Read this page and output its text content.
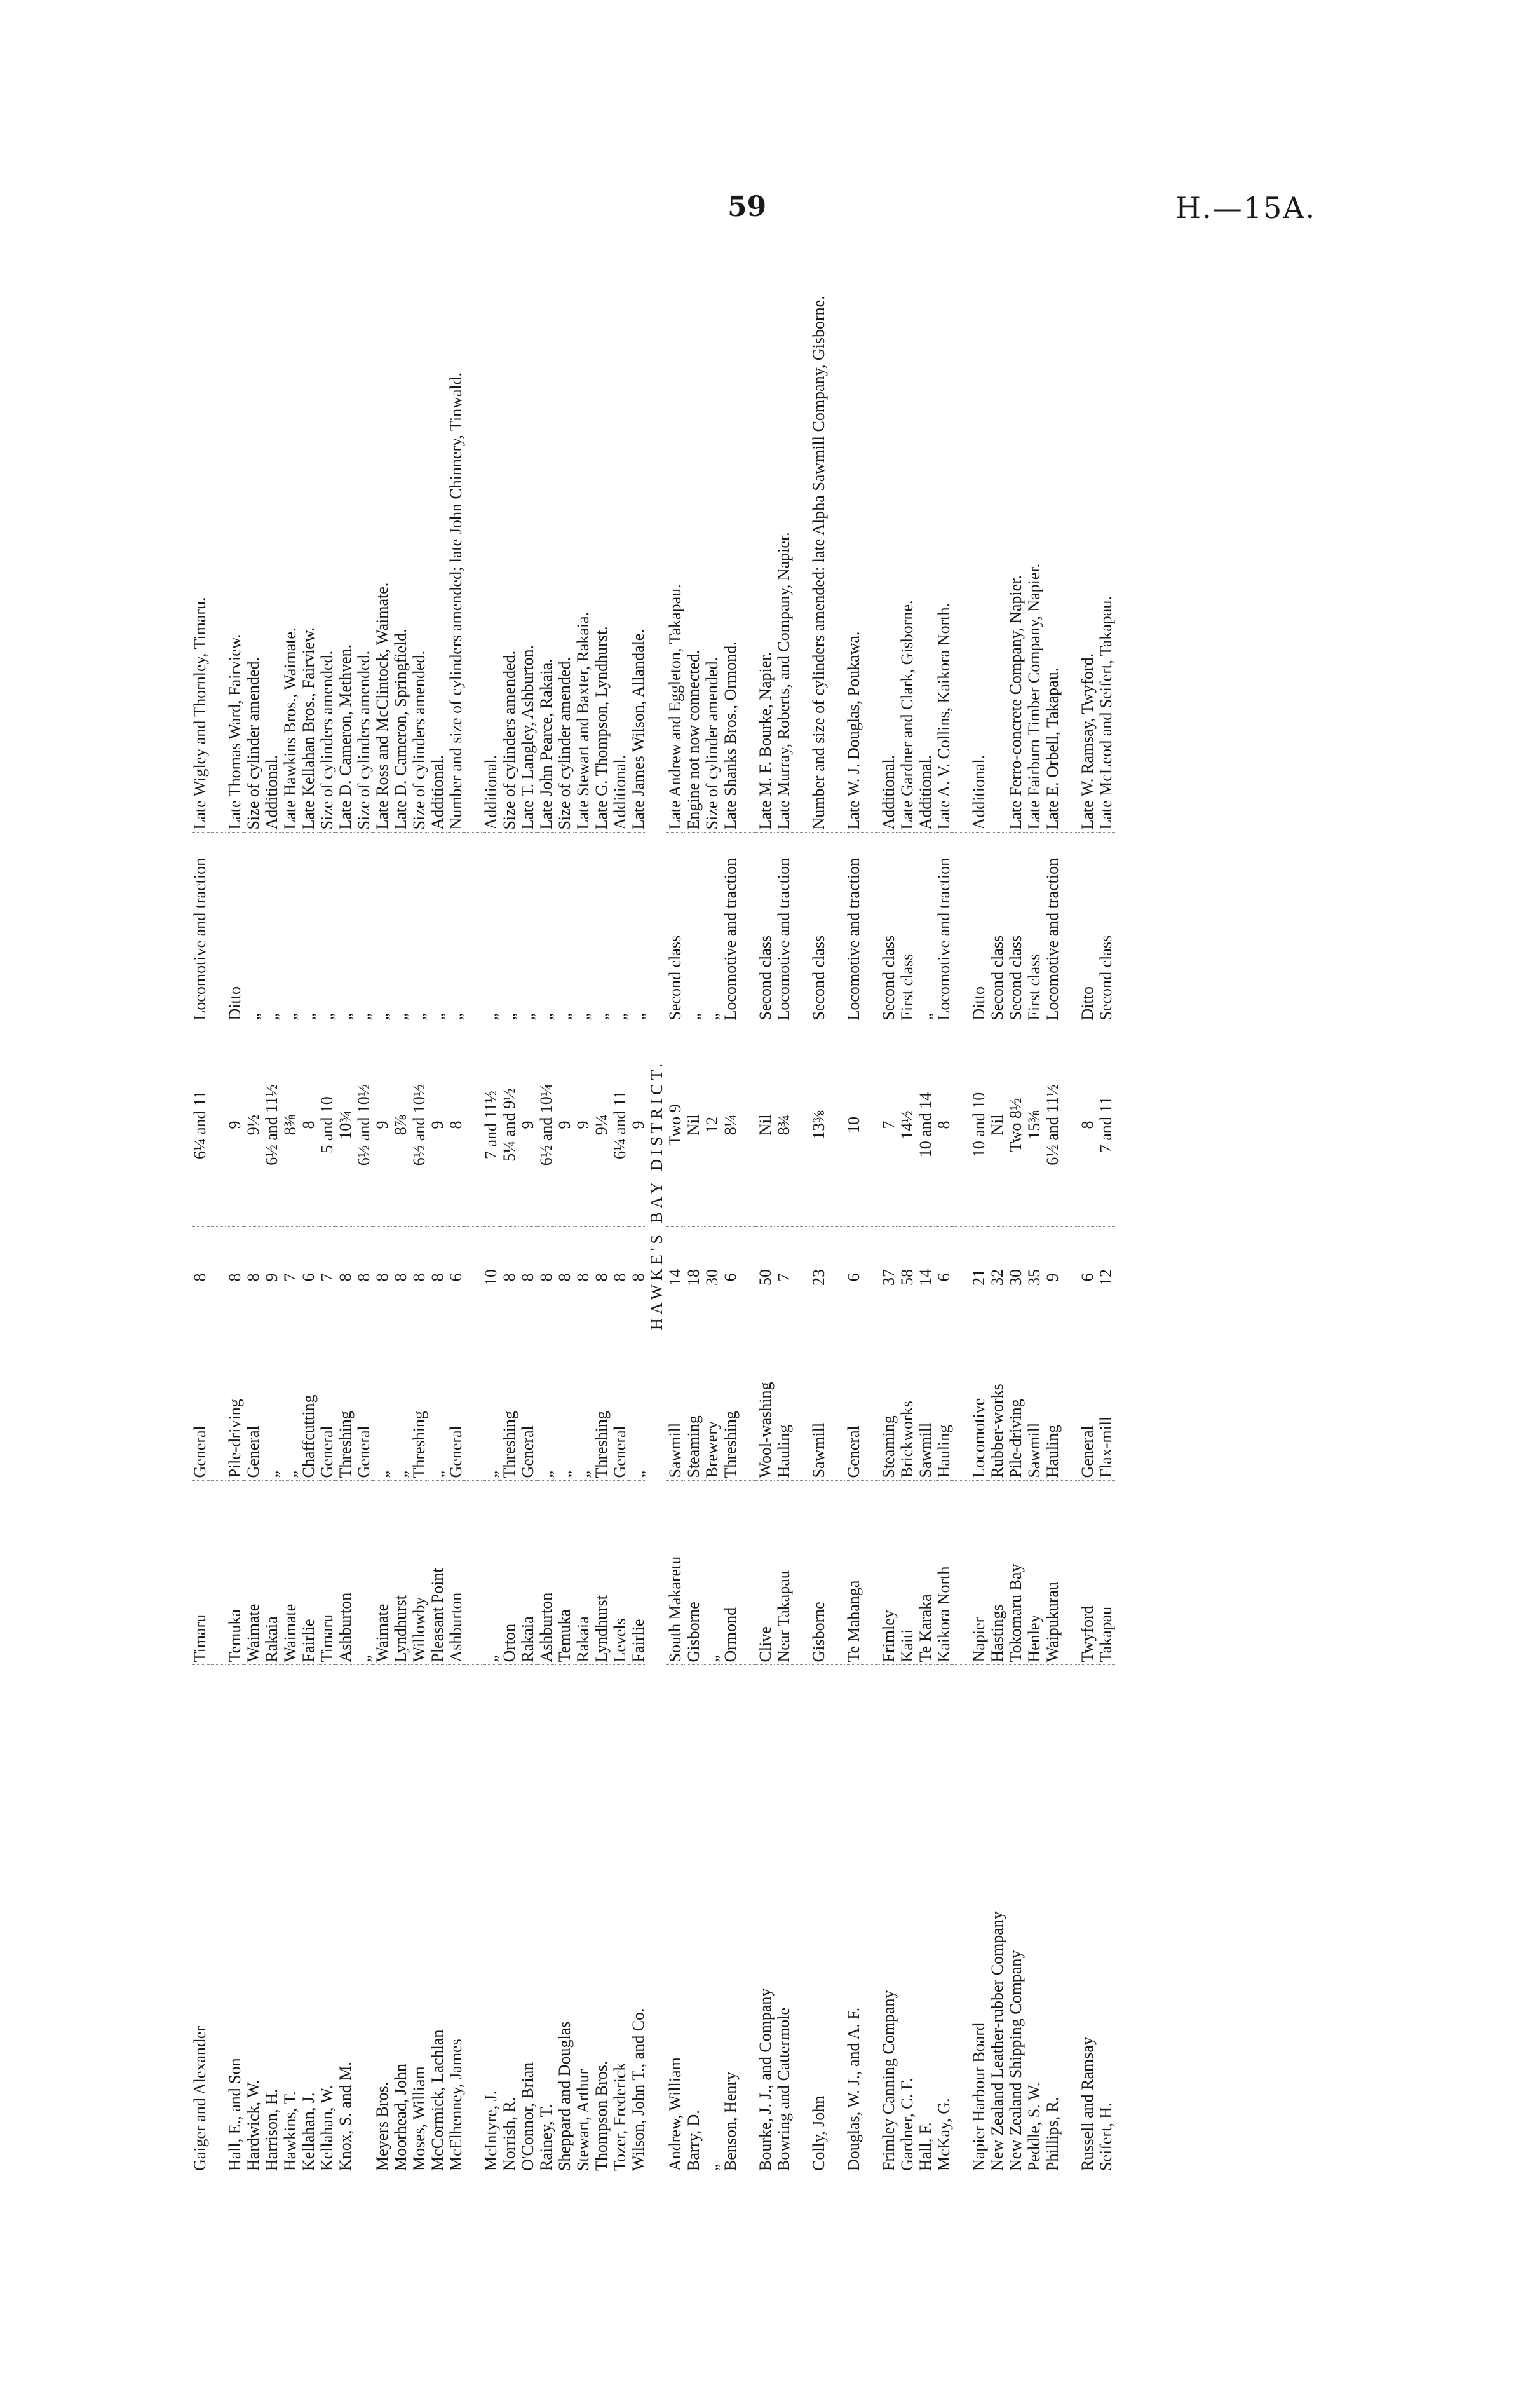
59	H.—15A.
Gaiger and Alexander	Timaru	General	8	6¼ and 11	Locomotive and traction	Late Wigley and Thornley, Timaru.

Hall, E., and Son	Temuka	Pile-driving	8	9	Ditto	Late Thomas Ward, Fairview.
Hardwick, W.	Waimate	General	8	9½	„	Size of cylinder amended.
Harrison, H.	Rakaia	„	9	6½ and 11½	„	Additional.
Hawkins, T.	Waimate	„	7	8⅜	„	Late Hawkins Bros., Waimate.
Kellahan, J.	Fairlie	Chaffcutting	6	8	„	Late Kellahan Bros., Fairview.
Kellahan, W.	Timaru	General	7	5 and 10	„	Size of cylinders amended.
Knox, S. and M.	Ashburton	Threshing	8	10¾	„	Late D. Cameron, Methven.
	„	General	8	6½ and 10½	„	Size of cylinders amended.
Meyers Bros.	Waimate	„	8	9	„	Late Ross and McClintock, Waimate.
Moorhead, John	Lyndhurst	„	8	8⅞	„	Late D. Cameron, Springfield.
Moses, William	Willowby	Threshing	8	6½ and 10½	„	Size of cylinders amended.
McCormick, Lachlan	Pleasant Point	„	8	9	„	Additional.
McElhenney, James	Ashburton	General	6	8	„	Number and size of cylinders amended; late John Chinnery, Tinwald.

McIntyre, J.	„	„	10	7 and 11½	„	Additional.
Norrish, R.	Orton	Threshing	8	5¼ and 9½	„	Size of cylinders amended.
O'Connor, Brian	Rakaia	General	8	9	„	Late T. Langley, Ashburton.
Rainey, T.	Ashburton	„	8	6½ and 10¼	„	Late John Pearce, Rakaia.
Sheppard and Douglas	Temuka	„	8	9	„	Size of cylinder amended.
Stewart, Arthur	Rakaia	„	8	9	„	Late Stewart and Baxter, Rakaia.
Thompson Bros.	Lyndhurst	Threshing	8	9¼	„	Late G. Thompson, Lyndhurst.
Tozer, Frederick	Levels	General	8	6¼ and 11	„	Additional.
Wilson, John T., and Co.	Fairlie	„	8	9	„	Late James Wilson, Allandale.
HAWKE'S BAY DISTRICT.						
Andrew, William	South Makaretu	Sawmill	14	Two 9	Second class	Late Andrew and Eggleton, Takapau.
Barry, D.	Gisborne	Steaming	18	Nil	„	Engine not now connected.
„	„	Brewery	30	12	„	Size of cylinder amended.
Benson, Henry	Ormond	Threshing	6	8¼	Locomotive and traction	Late Shanks Bros., Ormond.

Bourke, J. J., and Company	Clive	Wool-washing	50	Nil	Second class	Late M. F. Bourke, Napier.
Bowring and Cattermole	Near Takapau	Hauling	7	8¾	Locomotive and traction	Late Murray, Roberts, and Company, Napier.

Colly, John	Gisborne	Sawmill	23	13⅜	Second class	Number and size of cylinders amended: late Alpha Sawmill Company, Gisborne.

Douglas, W. J., and A. F.	Te Mahanga	General	6	10	Locomotive and traction	Late W. J. Douglas, Poukawa.

Frimley Canning Company	Frimley	Steaming	37	7	Second class	Additional.
Gardner, C. F.	Kaiti	Brickworks	58	14½	First class	Late Gardner and Clark, Gisborne.
Hall, F.	Te Karaka	Sawmill	14	10 and 14	„	Additional.
McKay, G.	Kaikora North	Hauling	6	8	Locomotive and traction	Late A. V. Collins, Kaikora North.

Napier Harbour Board	Napier	Locomotive	21	10 and 10	Ditto	Additional.
New Zealand Leather-rubber Company	Hastings	Rubber-works	32	Nil	Second class	
New Zealand Shipping Company	Tokomaru Bay	Pile-driving	30	Two 8½	Second class	Late Ferro-concrete Company, Napier.
Peddle, S. W.	Henley	Sawmill	35	15⅜	First class	Late Fairburn Timber Company, Napier.
Phillips, R.	Waipukurau	Hauling	9	6½ and 11½	Locomotive and traction	Late E. Orbell, Takapau.

Russell and Ramsay	Twyford	General	6	8	Ditto	Late W. Ramsay, Twyford.
Seifert, H.	Takapau	Flax-mill	12	7 and 11	Second class	Late McLeod and Seifert, Takapau.
